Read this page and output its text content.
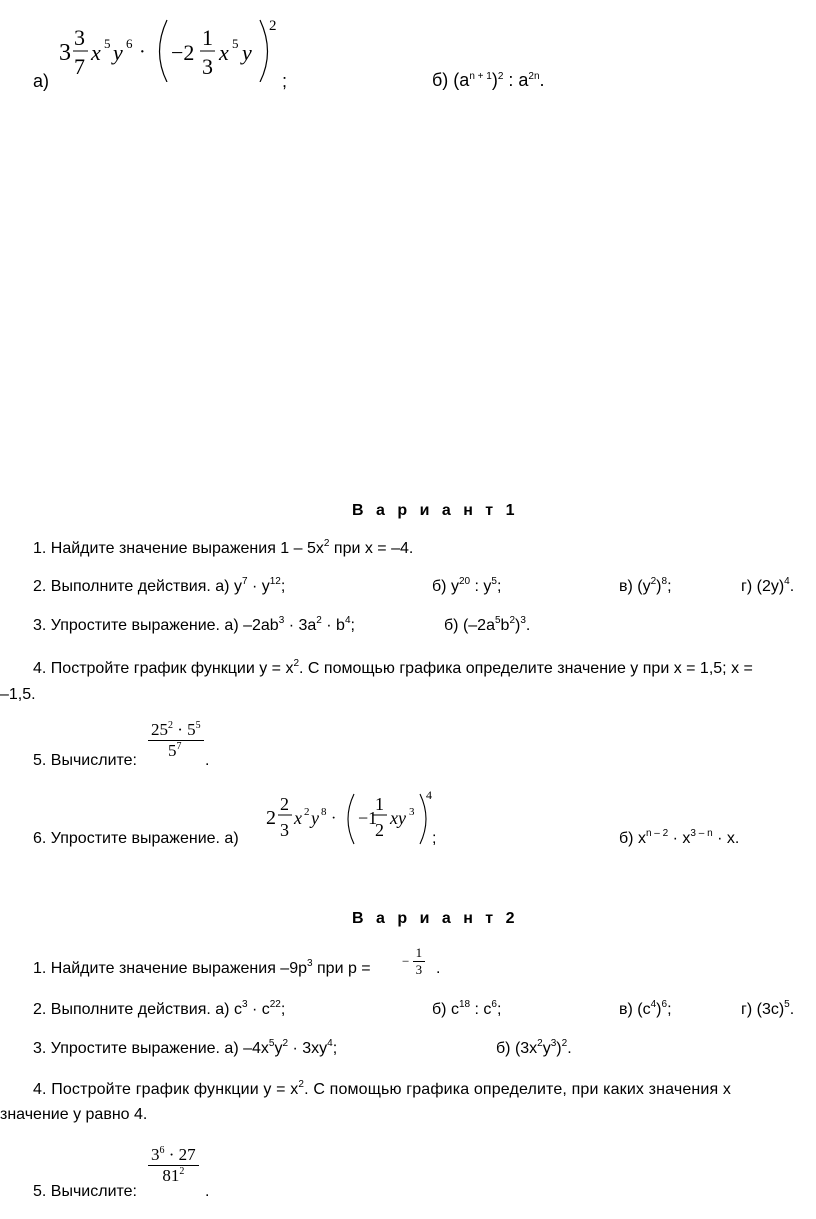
3
3
7
x 5 y 6 · −2
1
3
x 5 y
2
а)	;	б) $(a^{n + 1})^2$ : $a^{2n}$.
В а р и а н т 1
1. Найдите значение выражения $1 - 5x^2$ при x = –4.
2. Выполните действия. а) $y^7 \cdot y^{12}$;	б) $y^{20}$ : $y^5$;	в) $(y^2)^8$;	г) $(2y)^4$.
3. Упростите выражение. а) $-2ab^3 \cdot 3a^2 \cdot b^4$;	б) $(-2a^5b^2)^3$.
4. Постройте график функции $y = x^2$. С помощью графика определите значение y при x = 1,5; x =
–1,5.
5. Вычислите: $\frac{25^2 \cdot 5^5}{5^7}$ .
6. Упростите выражение. а)
2
2
3
x 2 y 8 · −1
1
2
xy 3
4
;	б) $x^{n - 2} \cdot x^{3 - n} \cdot x$.
В а р и а н т 2
1. Найдите значение выражения $-9p^3$ при p = − $\frac{1}{3}$ .
2. Выполните действия. а) $c^3 \cdot c^{22}$;	б) $c^{18}$ : $c^6$;	в) $(c^4)^6$;	г) $(3c)^5$.
3. Упростите выражение. а) $-4x^5y^2 \cdot 3xy^4$;	б) $(3x^2y^3)^2$.
4. Постройте график функции $y = x^2$. С помощью графика определите, при каких значения x
значение y равно 4.
5. Вычислите:
$\frac{3^6 \cdot 27}{81^2}$
.
